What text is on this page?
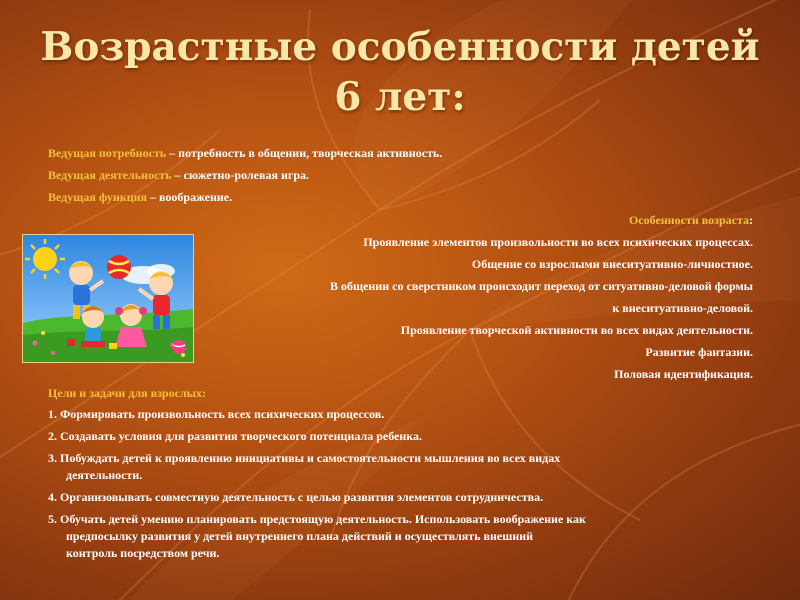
Возрастные особенности детей
6 лет:
Ведущая потребность – потребность в общении, творческая активность.
Ведущая деятельность – сюжетно-ролевая игра.
Ведущая функция – воображение.
Особенности возраста:
Проявление элементов произвольности во всех психических процессах.
Общение со взрослыми внеситуативно-личностное.
В общении со сверстником происходит переход от ситуативно-деловой формы
к внеситуативно-деловой.
Проявление творческой активности во всех видах деятельности.
Развитие фантазии.
Половая идентификация.
Цели и задачи для взрослых:
1. Формировать произвольность всех психических процессов.
2. Создавать условия для развития творческого потенциала ребенка.
3. Побуждать детей к проявлению инициативы и самостоятельности мышления во всех видах
деятельности.
4. Организовывать совместную деятельность с целью развития элементов сотрудничества.
5. Обучать детей умению планировать предстоящую деятельность. Использовать воображение как
предпосылку развития у детей внутреннего плана действий и осуществлять внешний
контроль посредством речи.
